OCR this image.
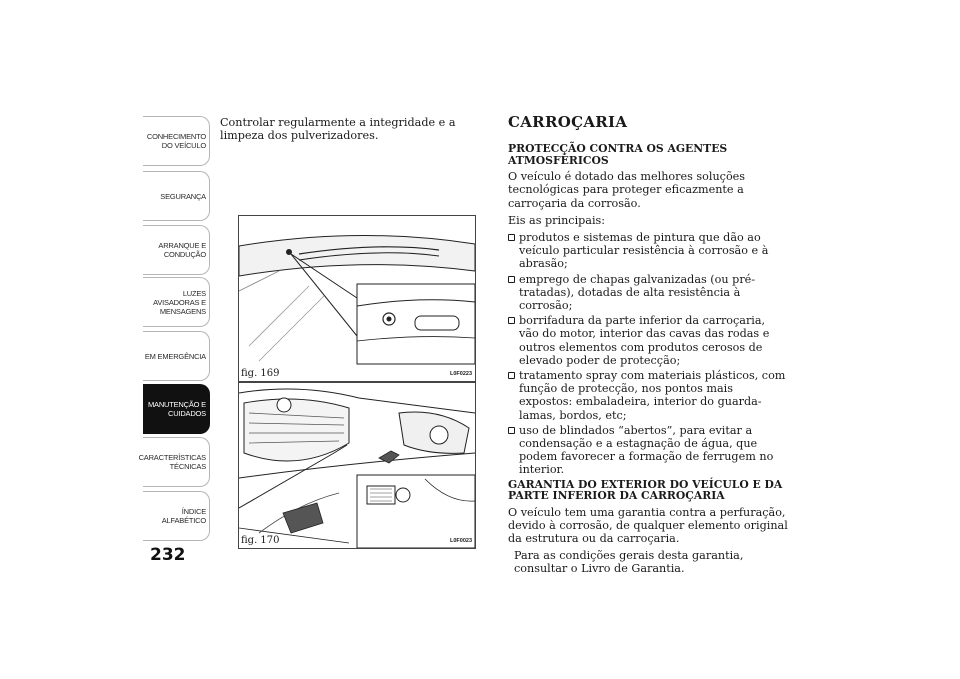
CONHECIMENTO
DO VEÍCULO
SEGURANÇA
ARRANQUE E
CONDUÇÃO
LUZES
AVISADORAS E
MENSAGENS
EM EMERGÊNCIA
MANUTENÇÃO E
CUIDADOS
CARACTERÍSTICAS
TÉCNICAS
ÍNDICE
ALFABÉTICO
232

Controlar regularmente a integridade e a limpeza dos pulverizadores.

fig. 169	L0F0223
fig. 170	L0F0023
CARROÇARIA
PROTECÇÃO CONTRA OS AGENTES ATMOSFÉRICOS

O veículo é dotado das melhores soluções tecnológicas para proteger eficazmente a carroçaria da corrosão.

Eis as principais:

produtos e sistemas de pintura que dão ao veículo particular resistência à corrosão e à abrasão;
emprego de chapas galvanizadas (ou pré-tratadas), dotadas de alta resistência à corrosão;
borrifadura da parte inferior da carroçaria, vão do motor, interior das cavas das rodas e outros elementos com produtos cerosos de elevado poder de protecção;
tratamento spray com materiais plásticos, com função de protecção, nos pontos mais expostos: embaladeira, interior do guarda-lamas, bordos, etc;
uso de blindados “abertos”, para evitar a condensação e a estagnação de água, que podem favorecer a formação de ferrugem no interior.
GARANTIA DO EXTERIOR DO VEÍCULO E DA PARTE INFERIOR DA CARROÇARIA

O veículo tem uma garantia contra a perfuração, devido à corrosão, de qualquer elemento original da estrutura ou da carroçaria.

Para as condições gerais desta garantia, consultar o Livro de Garantia.
